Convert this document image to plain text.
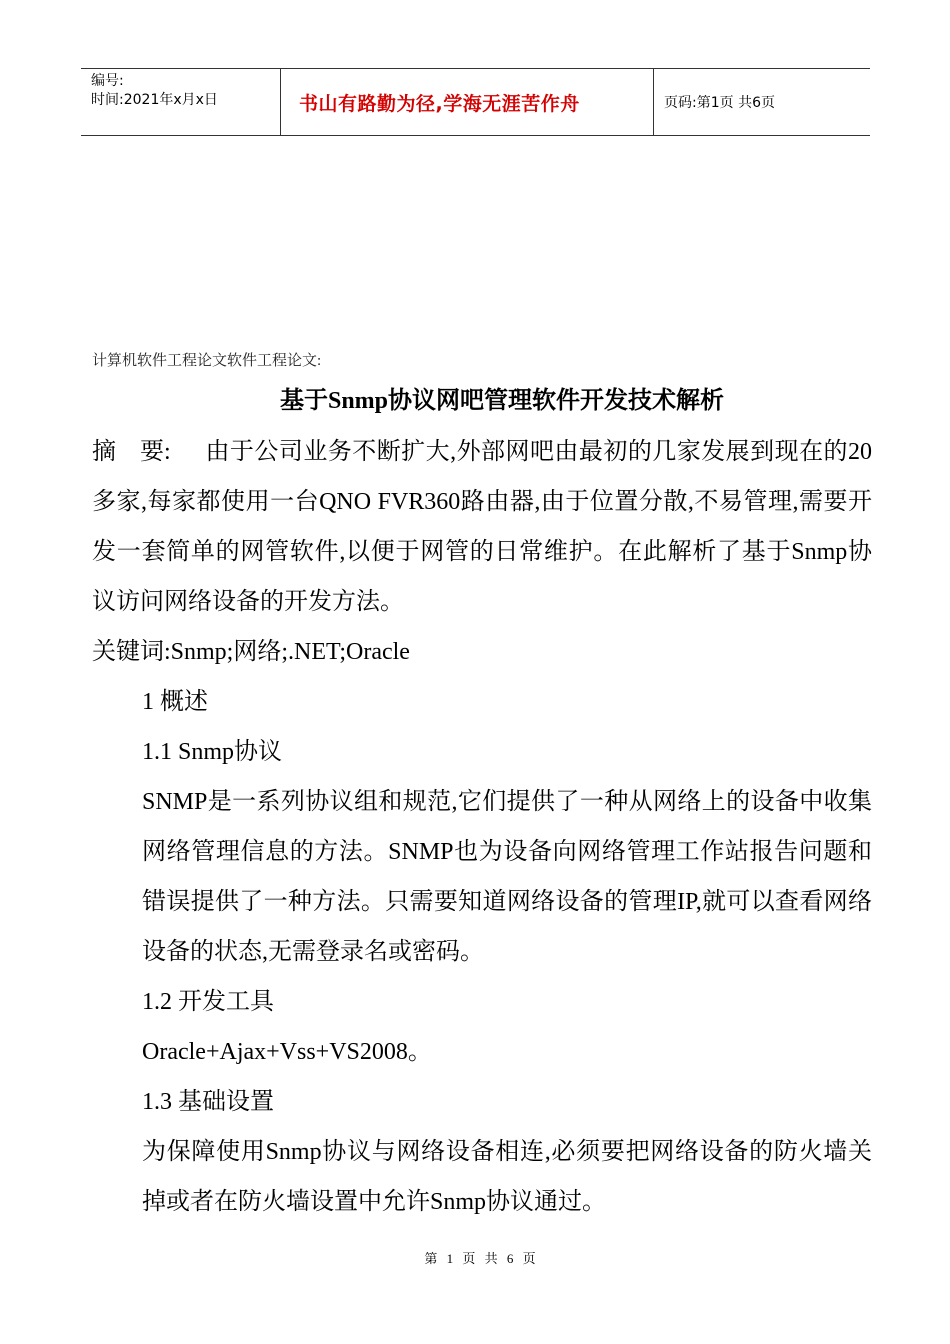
编号:
时间:2021年x月x日	书山有路勤为径,学海无涯苦作舟	页码:第1页 共6页
计算机软件工程论文软件工程论文:
基于Snmp协议网吧管理软件开发技术解析

摘　要: 由于公司业务不断扩大,外部网吧由最初的几家发展到现在的20多家,每家都使用一台QNO FVR360路由器,由于位置分散,不易管理,需要开发一套简单的网管软件,以便于网管的日常维护。在此解析了基于Snmp协议访问网络设备的开发方法。

关键词:Snmp;网络;.NET;Oracle

1 概述

1.1 Snmp协议

SNMP是一系列协议组和规范,它们提供了一种从网络上的设备中收集网络管理信息的方法。SNMP也为设备向网络管理工作站报告问题和错误提供了一种方法。只需要知道网络设备的管理IP,就可以查看网络设备的状态,无需登录名或密码。

1.2 开发工具

Oracle+Ajax+Vss+VS2008。

1.3 基础设置

为保障使用Snmp协议与网络设备相连,必须要把网络设备的防火墙关掉或者在防火墙设置中允许Snmp协议通过。

第 1 页 共 6 页
